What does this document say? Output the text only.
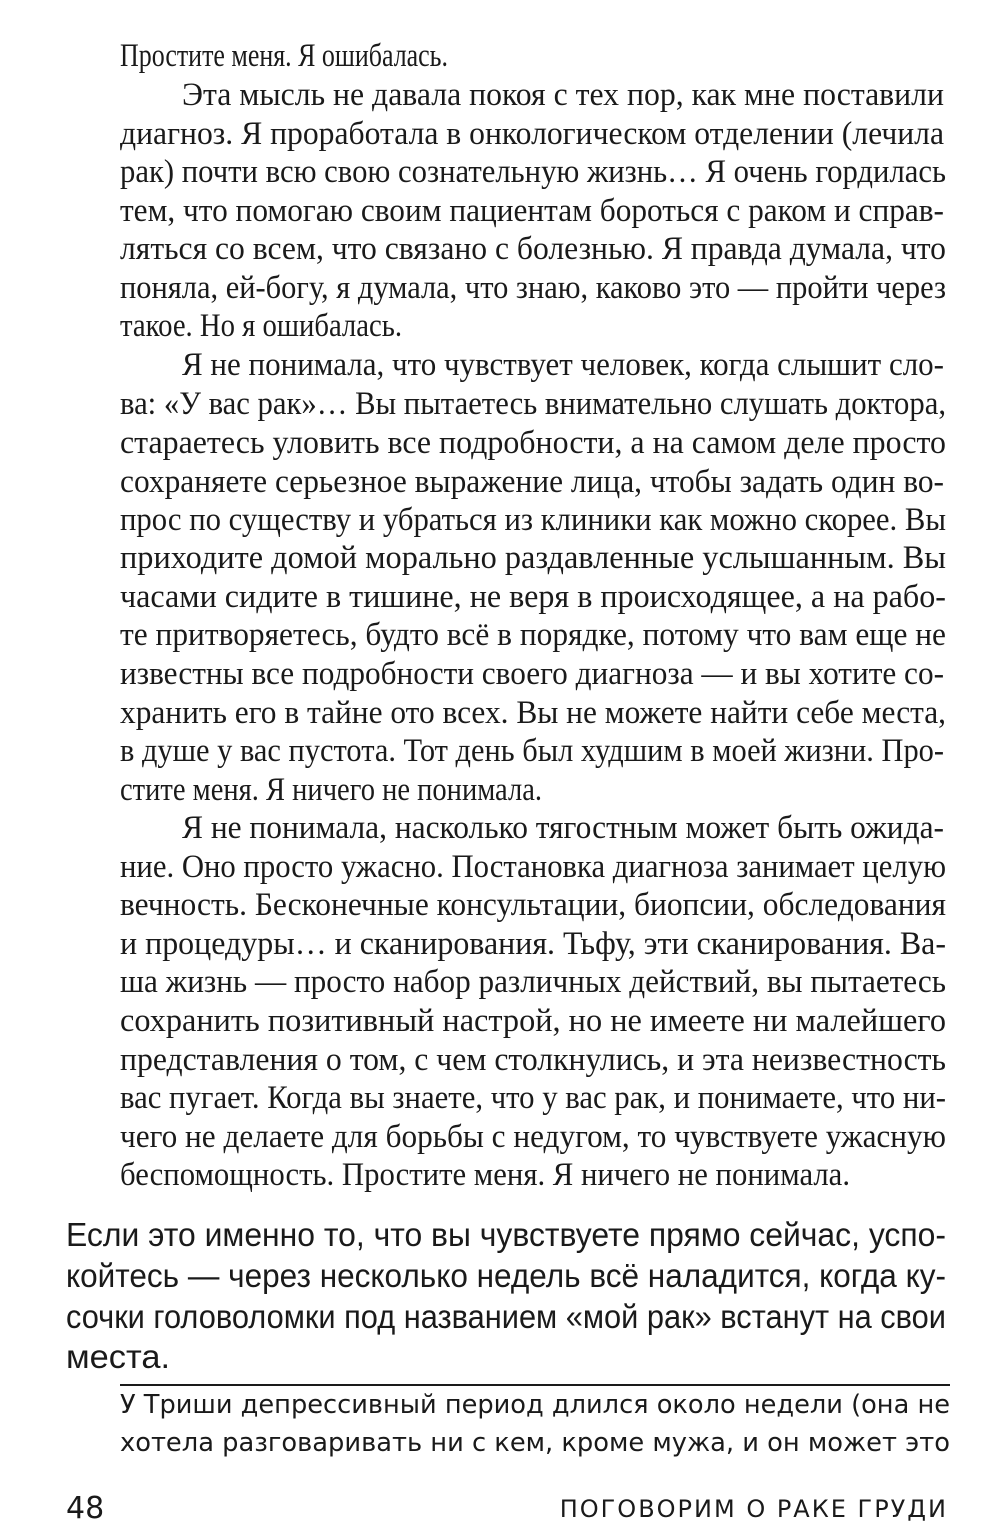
Простите меня. Я ошибалась.
Эта мысль не давала покоя с тех пор, как мне поставили
диагноз. Я проработала в онкологическом отделении (лечила
рак) почти всю свою сознательную жизнь… Я очень гордилась
тем, что помогаю своим пациентам бороться с раком и справ-
ляться со всем, что связано с болезнью. Я правда думала, что
поняла, ей-богу, я думала, что знаю, каково это — пройти через
такое. Но я ошибалась.
Я не понимала, что чувствует человек, когда слышит сло-
ва: «У вас рак»… Вы пытаетесь внимательно слушать доктора,
стараетесь уловить все подробности, а на самом деле просто
сохраняете серьезное выражение лица, чтобы задать один во-
прос по существу и убраться из клиники как можно скорее. Вы
приходите домой морально раздавленные услышанным. Вы
часами сидите в тишине, не веря в происходящее, а на рабо-
те притворяетесь, будто всё в порядке, потому что вам еще не
известны все подробности своего диагноза — и вы хотите со-
хранить его в тайне ото всех. Вы не можете найти себе места,
в душе у вас пустота. Тот день был худшим в моей жизни. Про-
стите меня. Я ничего не понимала.
Я не понимала, насколько тягостным может быть ожида-
ние. Оно просто ужасно. Постановка диагноза занимает целую
вечность. Бесконечные консультации, биопсии, обследования
и процедуры… и сканирования. Тьфу, эти сканирования. Ва-
ша жизнь — просто набор различных действий, вы пытаетесь
сохранить позитивный настрой, но не имеете ни малейшего
представления о том, с чем столкнулись, и эта неизвестность
вас пугает. Когда вы знаете, что у вас рак, и понимаете, что ни-
чего не делаете для борьбы с недугом, то чувствуете ужасную
беспомощность. Простите меня. Я ничего не понимала.
Если это именно то, что вы чувствуете прямо сейчас, успо-
койтесь — через несколько недель всё наладится, когда ку-
сочки головоломки под названием «мой рак» встанут на свои
места.
У Триши депрессивный период длился около недели (она не
хотела разговаривать ни с кем, кроме мужа, и он может это
48	ПОГОВОРИМ О РАКЕ ГРУДИ
